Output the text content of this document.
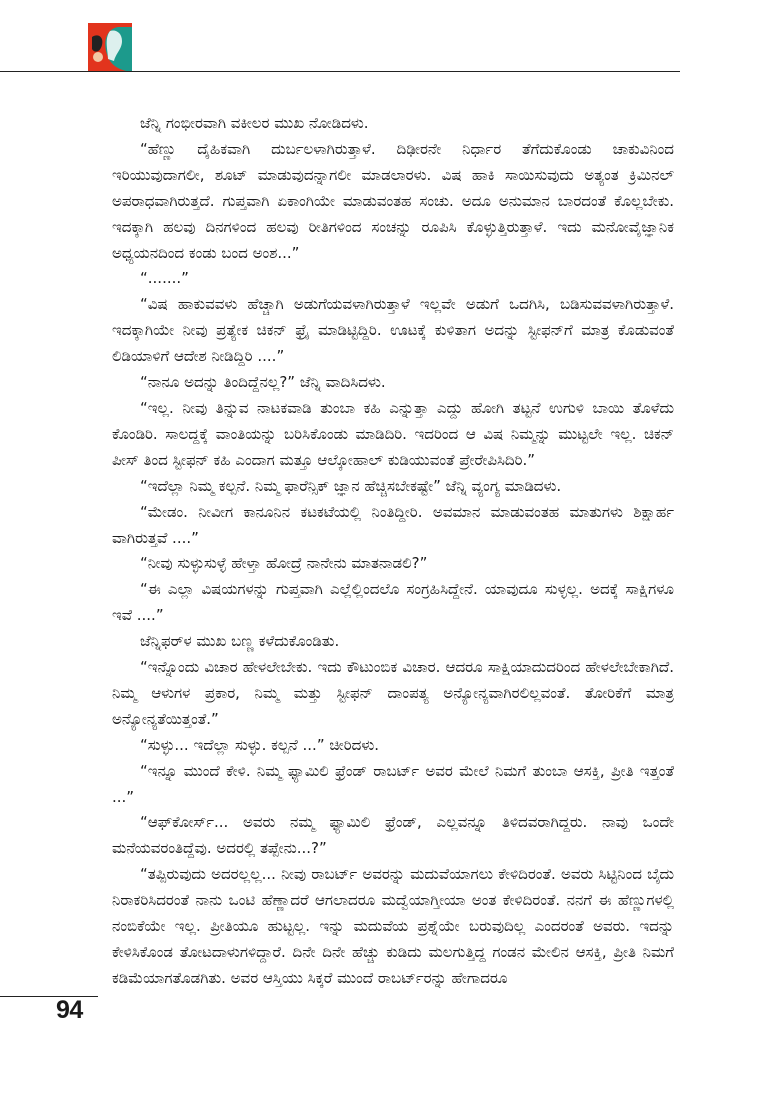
ಜೆನ್ನಿ ಗಂಭೀರವಾಗಿ ವಕೀಲರ ಮುಖ ನೋಡಿದಳು.

“ಹೆಣ್ಣು ದೈಹಿಕವಾಗಿ ದುರ್ಬಲಳಾಗಿರುತ್ತಾಳೆ. ದಿಢೀರನೇ ನಿರ್ಧಾರ ತೆಗೆದುಕೊಂಡು ಚಾಕುವಿನಿಂದ ಇರಿಯುವುದಾಗಲೀ, ಶೂಟ್ ಮಾಡುವುದನ್ನಾಗಲೀ ಮಾಡಲಾರಳು. ವಿಷ ಹಾಕಿ ಸಾಯಿಸುವುದು ಅತ್ಯಂತ ಕ್ರಿಮಿನಲ್ ಅಪರಾಧವಾಗಿರುತ್ತದೆ. ಗುಪ್ತವಾಗಿ ಏಕಾಂಗಿಯೇ ಮಾಡುವಂತಹ ಸಂಚು. ಅದೂ ಅನುಮಾನ ಬಾರದಂತೆ ಕೊಲ್ಲಬೇಕು. ಇದಕ್ಕಾಗಿ ಹಲವು ದಿನಗಳಿಂದ ಹಲವು ರೀತಿಗಳಿಂದ ಸಂಚನ್ನು ರೂಪಿಸಿ ಕೊಳ್ಳುತ್ತಿರುತ್ತಾಳೆ. ಇದು ಮನೋವೈಜ್ಞಾನಿಕ ಅಧ್ಯಯನದಿಂದ ಕಂಡು ಬಂದ ಅಂಶ...”

“.......”

“ವಿಷ ಹಾಕುವವಳು ಹೆಚ್ಚಾಗಿ ಅಡುಗೆಯವಳಾಗಿರುತ್ತಾಳೆ ಇಲ್ಲವೇ ಅಡುಗೆ ಒದಗಿಸಿ, ಬಡಿಸುವವಳಾಗಿರುತ್ತಾಳೆ. ಇದಕ್ಕಾಗಿಯೇ ನೀವು ಪ್ರತ್ಯೇಕ ಚಿಕನ್ ಫ್ರೈ ಮಾಡಿಟ್ಟಿದ್ದಿರಿ. ಊಟಕ್ಕೆ ಕುಳಿತಾಗ ಅದನ್ನು ಸ್ಟೀಫನ್‌ಗೆ ಮಾತ್ರ ಕೊಡುವಂತೆ ಲಿಡಿಯಾಳಿಗೆ ಆದೇಶ ನೀಡಿದ್ದಿರಿ ....”

“ನಾನೂ ಅದನ್ನು ತಿಂದಿದ್ದೆನಲ್ಲ?” ಜೆನ್ನಿ ವಾದಿಸಿದಳು.

“ಇಲ್ಲ. ನೀವು ತಿನ್ನುವ ನಾಟಕವಾಡಿ ತುಂಬಾ ಕಹಿ ಎನ್ನುತ್ತಾ ಎದ್ದು ಹೋಗಿ ತಟ್ಟನೆ ಉಗುಳಿ ಬಾಯಿ ತೊಳೆದು ಕೊಂಡಿರಿ. ಸಾಲದ್ದಕ್ಕೆ ವಾಂತಿಯನ್ನು ಬರಿಸಿಕೊಂಡು ಮಾಡಿದಿರಿ. ಇದರಿಂದ ಆ ವಿಷ ನಿಮ್ಮನ್ನು ಮುಟ್ಟಲೇ ಇಲ್ಲ. ಚಿಕನ್ ಪೀಸ್ ತಿಂದ ಸ್ಟೀಫನ್ ಕಹಿ ಎಂದಾಗ ಮತ್ತೂ ಆಲ್ಕೋಹಾಲ್ ಕುಡಿಯುವಂತೆ ಪ್ರೇರೇಪಿಸಿದಿರಿ.”

“ಇದೆಲ್ಲಾ ನಿಮ್ಮ ಕಲ್ಪನೆ. ನಿಮ್ಮ ಫಾರೆನ್ಸಿಕ್ ಜ್ಞಾನ ಹೆಚ್ಚಿಸಬೇಕಷ್ಟೇ” ಜೆನ್ನಿ ವ್ಯಂಗ್ಯ ಮಾಡಿದಳು.

“ಮೇಡಂ. ನೀವೀಗ ಕಾನೂನಿನ ಕಟಕಟೆಯಲ್ಲಿ ನಿಂತಿದ್ದೀರಿ. ಅವಮಾನ ಮಾಡುವಂತಹ ಮಾತುಗಳು ಶಿಕ್ಷಾರ್ಹ ವಾಗಿರುತ್ತವೆ ....”

“ನೀವು ಸುಳ್ಳುಸುಳ್ಳೆ ಹೇಳ್ತಾ ಹೋದ್ರೆ ನಾನೇನು ಮಾತನಾಡಲಿ?”

“ಈ ಎಲ್ಲಾ ವಿಷಯಗಳನ್ನು ಗುಪ್ತವಾಗಿ ಎಲ್ಲೆಲ್ಲಿಂದಲೊ ಸಂಗ್ರಹಿಸಿದ್ದೇನೆ. ಯಾವುದೂ ಸುಳ್ಳಲ್ಲ. ಅದಕ್ಕೆ ಸಾಕ್ಷಿಗಳೂ ಇವೆ ....”

ಜೆನ್ನಿಫರ್‌ಳ ಮುಖ ಬಣ್ಣ ಕಳೆದುಕೊಂಡಿತು.

“ಇನ್ನೊಂದು ವಿಚಾರ ಹೇಳಲೇಬೇಕು. ಇದು ಕೌಟುಂಬಿಕ ವಿಚಾರ. ಆದರೂ ಸಾಕ್ಷಿಯಾದುದರಿಂದ ಹೇಳಲೇಬೇಕಾಗಿದೆ. ನಿಮ್ಮ ಆಳುಗಳ ಪ್ರಕಾರ, ನಿಮ್ಮ ಮತ್ತು ಸ್ಟೀಫನ್ ದಾಂಪತ್ಯ ಅನ್ಯೋನ್ಯವಾಗಿರಲಿಲ್ಲವಂತೆ. ತೋರಿಕೆಗೆ ಮಾತ್ರ ಅನ್ಯೋನ್ಯತೆಯಿತ್ತಂತೆ.”

“ಸುಳ್ಳು... ಇದೆಲ್ಲಾ ಸುಳ್ಳು. ಕಲ್ಪನೆ ...” ಚೀರಿದಳು.

“ಇನ್ನೂ ಮುಂದೆ ಕೇಳಿ. ನಿಮ್ಮ ಫ್ಯಾಮಿಲಿ ಫ್ರೆಂಡ್ ರಾಬರ್ಟ್ ಅವರ ಮೇಲೆ ನಿಮಗೆ ತುಂಬಾ ಆಸಕ್ತಿ, ಪ್ರೀತಿ ಇತ್ತಂತೆ ...”

“ಆಫ್‌ಕೋರ್ಸ್... ಅವರು ನಮ್ಮ ಫ್ಯಾಮಿಲಿ ಫ್ರೆಂಡ್, ಎಲ್ಲವನ್ನೂ ತಿಳಿದವರಾಗಿದ್ದರು. ನಾವು ಒಂದೇ ಮನೆಯವರಂತಿದ್ದೆವು. ಅದರಲ್ಲಿ ತಪ್ಪೇನು...?”

“ತಪ್ಪಿರುವುದು ಅದರಲ್ಲಲ್ಲ... ನೀವು ರಾಬರ್ಟ್ ಅವರನ್ನು ಮದುವೆಯಾಗಲು ಕೇಳಿದಿರಂತೆ. ಅವರು ಸಿಟ್ಟಿನಿಂದ ಬೈದು ನಿರಾಕರಿಸಿದರಂತೆ ನಾನು ಒಂಟಿ ಹೆಣ್ಣಾದರೆ ಆಗಲಾದರೂ ಮದ್ವೆಯಾಗ್ತೀಯಾ ಅಂತ ಕೇಳಿದಿರಂತೆ. ನನಗೆ ಈ ಹೆಣ್ಣುಗಳಲ್ಲಿ ನಂಬಿಕೆಯೇ ಇಲ್ಲ. ಪ್ರೀತಿಯೂ ಹುಟ್ಟಲ್ಲ. ಇನ್ನು ಮದುವೆಯ ಪ್ರಶ್ನೆಯೇ ಬರುವುದಿಲ್ಲ ಎಂದರಂತೆ ಅವರು. ಇದನ್ನು ಕೇಳಿಸಿಕೊಂಡ ತೋಟದಾಳುಗಳಿದ್ದಾರೆ. ದಿನೇ ದಿನೇ ಹೆಚ್ಚು ಕುಡಿದು ಮಲಗುತ್ತಿದ್ದ ಗಂಡನ ಮೇಲಿನ ಆಸಕ್ತಿ, ಪ್ರೀತಿ ನಿಮಗೆ ಕಡಿಮೆಯಾಗತೊಡಗಿತು. ಅವರ ಆಸ್ತಿಯು ಸಿಕ್ಕರೆ ಮುಂದೆ ರಾಬರ್ಟ್‌ರನ್ನು ಹೇಗಾದರೂ

94
